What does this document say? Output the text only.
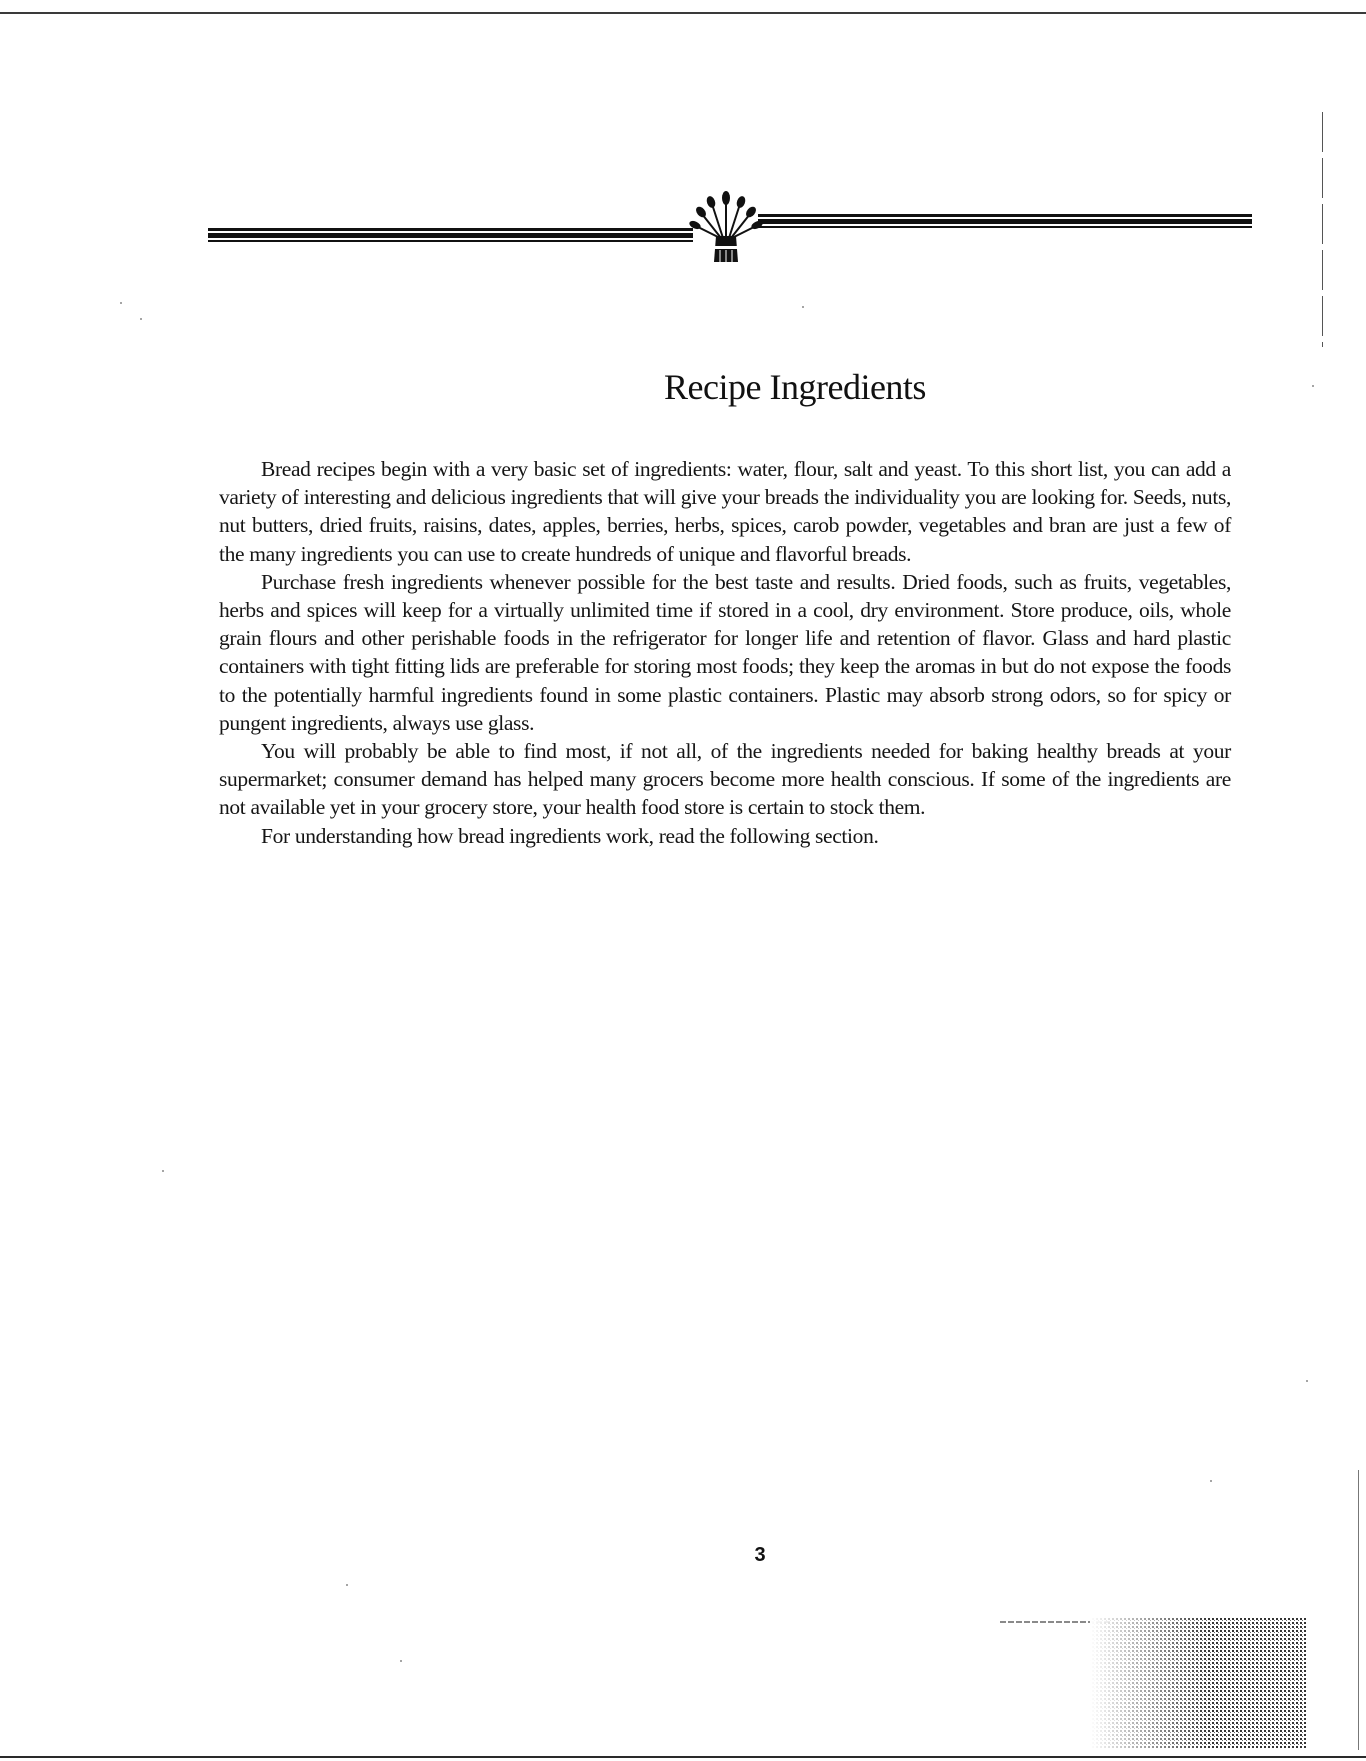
Recipe Ingredients

Bread recipes begin with a very basic set of ingredients: water, flour, salt and yeast. To this short list, you can add a variety of interesting and delicious ingredients that will give your breads the individuality you are looking for. Seeds, nuts, nut butters, dried fruits, raisins, dates, apples, berries, herbs, spices, carob powder, vegetables and bran are just a few of the many ingredients you can use to create hundreds of unique and flavorful breads.

Purchase fresh ingredients whenever possible for the best taste and results. Dried foods, such as fruits, vegetables, herbs and spices will keep for a virtually unlimited time if stored in a cool, dry environment. Store produce, oils, whole grain flours and other perishable foods in the refrigerator for longer life and retention of flavor. Glass and hard plastic containers with tight fitting lids are preferable for storing most foods; they keep the aromas in but do not expose the foods to the potentially harmful ingredients found in some plastic containers. Plastic may absorb strong odors, so for spicy or pungent ingredients, always use glass.

You will probably be able to find most, if not all, of the ingredients needed for baking healthy breads at your supermarket; consumer demand has helped many grocers become more health conscious. If some of the ingredients are not available yet in your grocery store, your health food store is certain to stock them.

For understanding how bread ingredients work, read the following section.

3
